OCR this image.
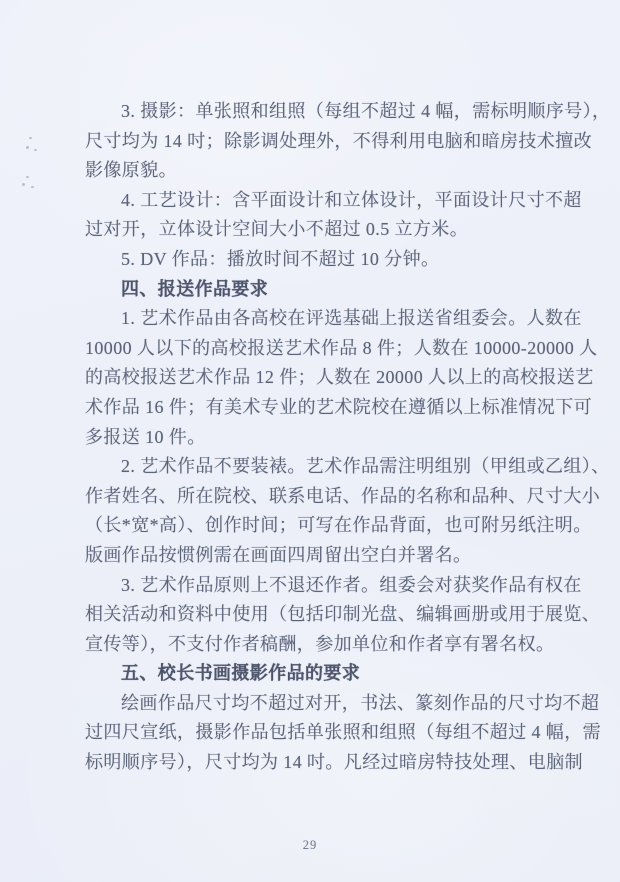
3. 摄影：单张照和组照（每组不超过 4 幅，需标明顺序号），
尺寸均为 14 吋；除影调处理外，不得利用电脑和暗房技术擅改
影像原貌。
4. 工艺设计：含平面设计和立体设计，平面设计尺寸不超
过对开，立体设计空间大小不超过 0.5 立方米。
5. DV 作品：播放时间不超过 10 分钟。
四、报送作品要求
1. 艺术作品由各高校在评选基础上报送省组委会。人数在
10000 人以下的高校报送艺术作品 8 件；人数在 10000-20000 人
的高校报送艺术作品 12 件；人数在 20000 人以上的高校报送艺
术作品 16 件；有美术专业的艺术院校在遵循以上标准情况下可
多报送 10 件。
2. 艺术作品不要装裱。艺术作品需注明组别（甲组或乙组）、
作者姓名、所在院校、联系电话、作品的名称和品种、尺寸大小
（长*宽*高）、创作时间；可写在作品背面，也可附另纸注明。
版画作品按惯例需在画面四周留出空白并署名。
3. 艺术作品原则上不退还作者。组委会对获奖作品有权在
相关活动和资料中使用（包括印制光盘、编辑画册或用于展览、
宣传等），不支付作者稿酬，参加单位和作者享有署名权。
五、校长书画摄影作品的要求
绘画作品尺寸均不超过对开，书法、篆刻作品的尺寸均不超
过四尺宣纸，摄影作品包括单张照和组照（每组不超过 4 幅，需
标明顺序号），尺寸均为 14 吋。凡经过暗房特技处理、电脑制
29
